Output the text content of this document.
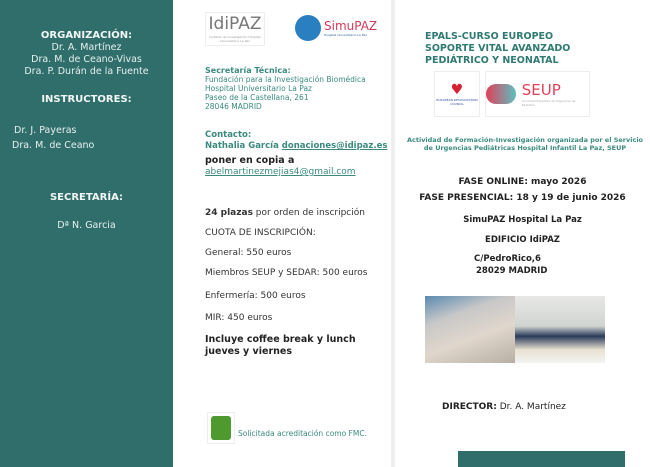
ORGANIZACIÓN:
Dr. A. Martínez
Dra. M. de Ceano-Vivas
Dra. P. Durán de la Fuente
INSTRUCTORES:
Dr. J. Payeras
Dra. M. de Ceano
SECRETARÍA:
Dª N. Garcia
IdiPAZ
Instituto de Investigación Hospital Universitario La Paz
SimuPAZ
Hospital Universitario La Paz
Secretaría Técnica:
Fundación para la Investigación Biomédica
Hospital Universitario La Paz
Paseo de la Castellana, 261
28046 MADRID
Contacto:
Nathalia García donaciones@idipaz.es
poner en copia a
abelmartinezmejias4@gmail.com
24 plazas por orden de inscripción
CUOTA DE INSCRIPCIÓN:
General: 550 euros
Miembros SEUP y SEDAR: 500 euros
Enfermería: 500 euros
MIR: 450 euros
Incluye coffee break y lunch jueves y viernes
Solicitada acreditación como FMC.
EPALS-CURSO EUROPEO
SOPORTE VITAL AVANZADO
PEDIÁTRICO Y NEONATAL
♥
EUROPEAN RESUSCITATION COUNCIL
SEUP
Sociedad Española de Urgencias de Pediatría
Actividad de Formación-Investigación organizada por el Servicio de Urgencias Pediátricas Hospital Infantil La Paz, SEUP
FASE ONLINE: mayo 2026
FASE PRESENCIAL: 18 y 19 de junio 2026
SimuPAZ Hospital La Paz
EDIFICIO IdiPAZ
C/PedroRico,6
28029 MADRID
DIRECTOR: Dr. A. Martínez
